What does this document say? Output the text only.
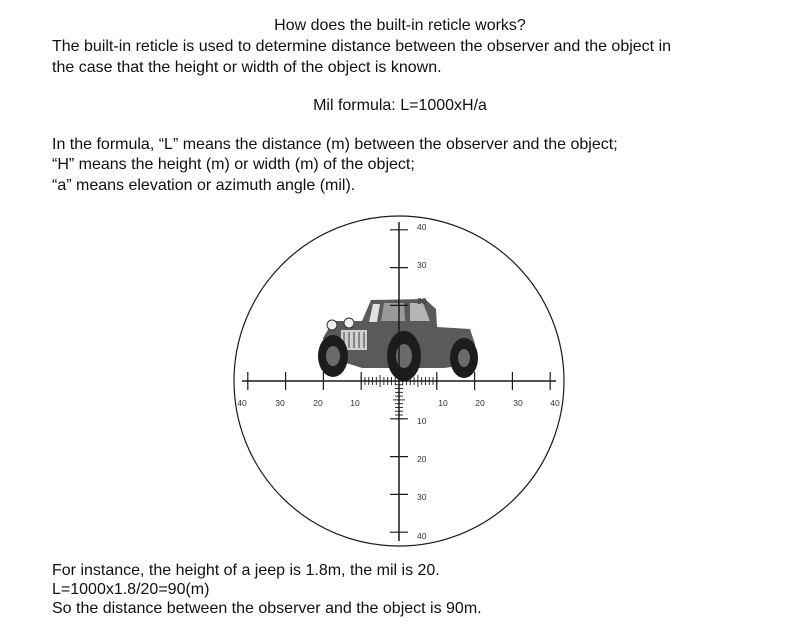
How does the built-in reticle works?
The built-in reticle is used to determine distance between the observer and the object in
the case that the height or width of the object is known.
Mil formula: L=1000xH/a
In the formula, “L” means the distance (m) between the observer and the object;
“H” means the height (m) or width (m) of the object;
“a” means elevation or azimuth angle (mil).
40	30	20	10	10	20	30	40
40
30
20
10
20
30
40
For instance, the height of a jeep is 1.8m, the mil is 20.
L=1000x1.8/20=90(m)
So the distance between the observer and the object is 90m.
